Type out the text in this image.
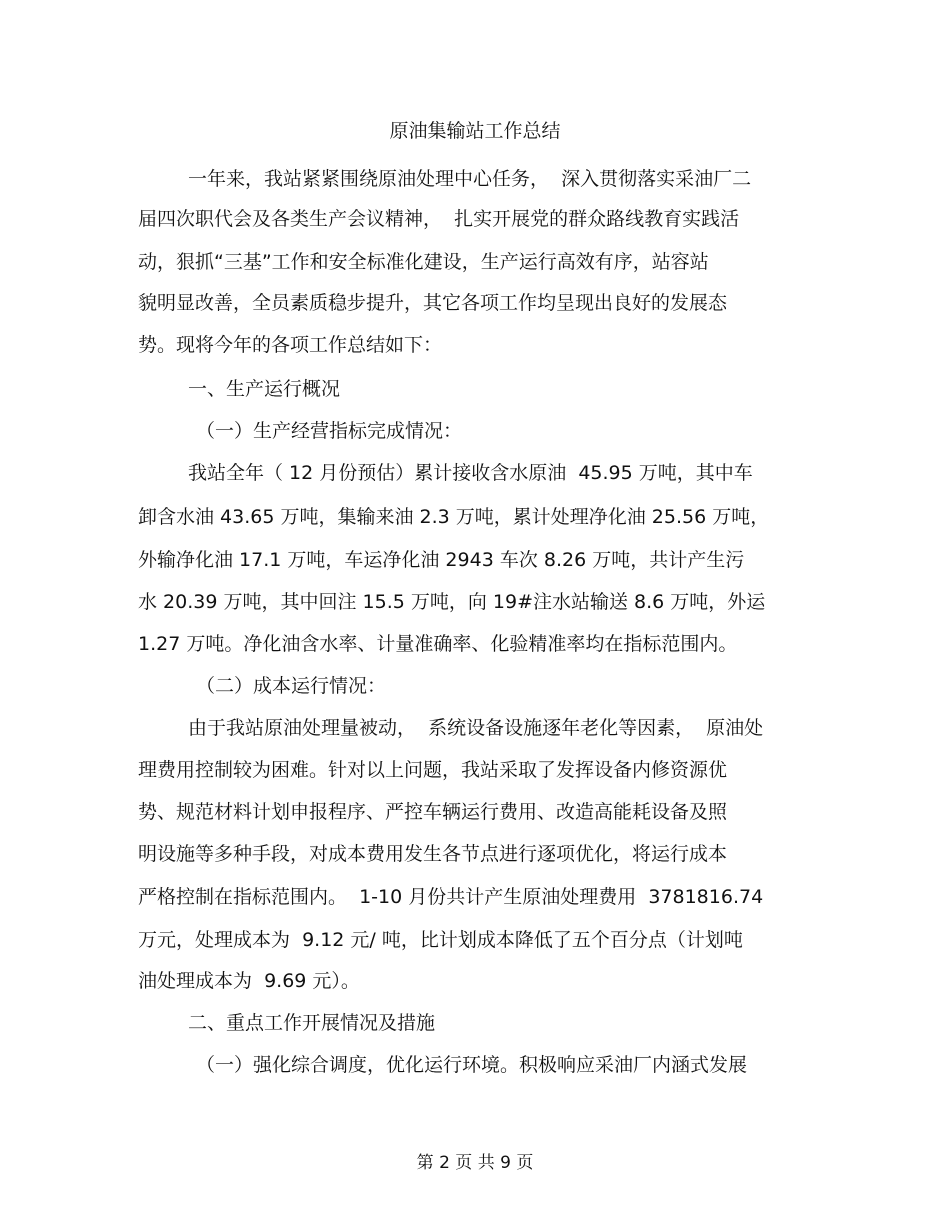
原油集输站工作总结
一年来，我站紧紧围绕原油处理中心任务，  深入贯彻落实采油厂二
届四次职代会及各类生产会议精神，  扎实开展党的群众路线教育实践活
动，狠抓“三基”工作和安全标准化建设，生产运行高效有序，站容站
貌明显改善，全员素质稳步提升，其它各项工作均呈现出良好的发展态
势。现将今年的各项工作总结如下：
一、生产运行概况
（一）生产经营指标完成情况：
我站全年（ 12 月份预估）累计接收含水原油  45.95 万吨，其中车
卸含水油 43.65 万吨，集输来油 2.3 万吨，累计处理净化油 25.56 万吨，
外输净化油 17.1 万吨，车运净化油 2943 车次 8.26 万吨，共计产生污
水 20.39 万吨，其中回注 15.5 万吨，向 19#注水站输送 8.6 万吨，外运
1.27 万吨。净化油含水率、计量准确率、化验精准率均在指标范围内。
（二）成本运行情况：
由于我站原油处理量被动，  系统设备设施逐年老化等因素，  原油处
理费用控制较为困难。针对以上问题，我站采取了发挥设备内修资源优
势、规范材料计划申报程序、严控车辆运行费用、改造高能耗设备及照
明设施等多种手段，对成本费用发生各节点进行逐项优化，将运行成本
严格控制在指标范围内。  1-10 月份共计产生原油处理费用  3781816.74
万元，处理成本为  9.12 元/ 吨，比计划成本降低了五个百分点（计划吨
油处理成本为  9.69 元）。
二、重点工作开展情况及措施
（一）强化综合调度，优化运行环境。积极响应采油厂内涵式发展
第 2 页 共 9 页
